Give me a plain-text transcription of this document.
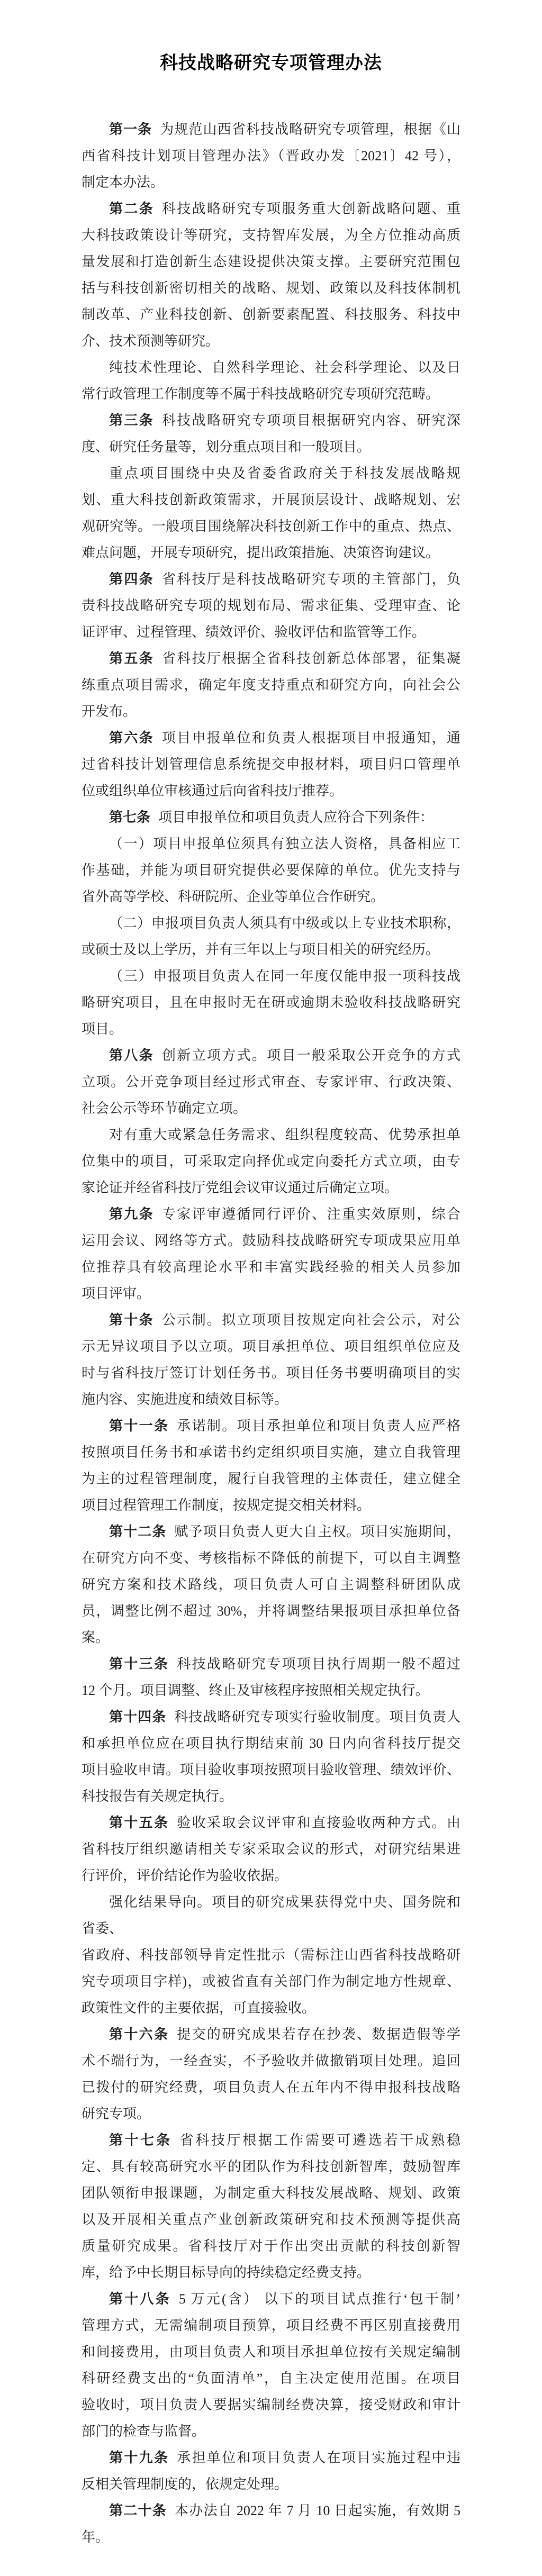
科技战略研究专项管理办法
第一条 为规范山西省科技战略研究专项管理，根据《山
西省科技计划项目管理办法》（晋政办发〔2021〕42 号），
制定本办法。
第二条 科技战略研究专项服务重大创新战略问题、重
大科技政策设计等研究，支持智库发展，为全方位推动高质
量发展和打造创新生态建设提供决策支撑。主要研究范围包
括与科技创新密切相关的战略、规划、政策以及科技体制机
制改革、产业科技创新、创新要素配置、科技服务、科技中
介、技术预测等研究。
纯技术性理论、自然科学理论、社会科学理论、以及日
常行政管理工作制度等不属于科技战略研究专项研究范畴。
第三条 科技战略研究专项项目根据研究内容、研究深
度、研究任务量等，划分重点项目和一般项目。
重点项目围绕中央及省委省政府关于科技发展战略规
划、重大科技创新政策需求，开展顶层设计、战略规划、宏
观研究等。一般项目围绕解决科技创新工作中的重点、热点、
难点问题，开展专项研究，提出政策措施、决策咨询建议。
第四条 省科技厅是科技战略研究专项的主管部门，负
责科技战略研究专项的规划布局、需求征集、受理审查、论
证评审、过程管理、绩效评价、验收评估和监管等工作。
第五条 省科技厅根据全省科技创新总体部署，征集凝
练重点项目需求，确定年度支持重点和研究方向，向社会公
开发布。
第六条 项目申报单位和负责人根据项目申报通知，通
过省科技计划管理信息系统提交申报材料，项目归口管理单
位或组织单位审核通过后向省科技厅推荐。
第七条 项目申报单位和项目负责人应符合下列条件：
（一）项目申报单位须具有独立法人资格，具备相应工
作基础，并能为项目研究提供必要保障的单位。优先支持与
省外高等学校、科研院所、企业等单位合作研究。
（二）申报项目负责人须具有中级或以上专业技术职称，
或硕士及以上学历，并有三年以上与项目相关的研究经历。
（三）申报项目负责人在同一年度仅能申报一项科技战
略研究项目，且在申报时无在研或逾期未验收科技战略研究
项目。
第八条 创新立项方式。项目一般采取公开竞争的方式
立项。公开竞争项目经过形式审查、专家评审、行政决策、
社会公示等环节确定立项。
对有重大或紧急任务需求、组织程度较高、优势承担单
位集中的项目，可采取定向择优或定向委托方式立项，由专
家论证并经省科技厅党组会议审议通过后确定立项。
第九条 专家评审遵循同行评价、注重实效原则，综合
运用会议、网络等方式。鼓励科技战略研究专项成果应用单
位推荐具有较高理论水平和丰富实践经验的相关人员参加
项目评审。
第十条 公示制。拟立项项目按规定向社会公示，对公
示无异议项目予以立项。项目承担单位、项目组织单位应及
时与省科技厅签订计划任务书。项目任务书要明确项目的实
施内容、实施进度和绩效目标等。
第十一条 承诺制。项目承担单位和项目负责人应严格
按照项目任务书和承诺书约定组织项目实施，建立自我管理
为主的过程管理制度，履行自我管理的主体责任，建立健全
项目过程管理工作制度，按规定提交相关材料。
第十二条 赋予项目负责人更大自主权。项目实施期间，
在研究方向不变、考核指标不降低的前提下，可以自主调整
研究方案和技术路线，项目负责人可自主调整科研团队成
员，调整比例不超过 30%，并将调整结果报项目承担单位备
案。
第十三条 科技战略研究专项项目执行周期一般不超过
12 个月。项目调整、终止及审核程序按照相关规定执行。
第十四条 科技战略研究专项实行验收制度。项目负责人
和承担单位应在项目执行期结束前 30 日内向省科技厅提交
项目验收申请。项目验收事项按照项目验收管理、绩效评价、
科技报告有关规定执行。
第十五条 验收采取会议评审和直接验收两种方式。由
省科技厅组织邀请相关专家采取会议的形式，对研究结果进
行评价，评价结论作为验收依据。
强化结果导向。项目的研究成果获得党中央、国务院和
省委、
省政府、科技部领导肯定性批示（需标注山西省科技战略研
究专项项目字样)，或被省直有关部门作为制定地方性规章、
政策性文件的主要依据，可直接验收。
第十六条 提交的研究成果若存在抄袭、数据造假等学
术不端行为，一经查实，不予验收并做撤销项目处理。追回
已拨付的研究经费，项目负责人在五年内不得申报科技战略
研究专项。
第十七条 省科技厅根据工作需要可遴选若干成熟稳
定、具有较高研究水平的团队作为科技创新智库，鼓励智库
团队领衔申报课题，为制定重大科技发展战略、规划、政策
以及开展相关重点产业创新政策研究和技术预测等提供高
质量研究成果。省科技厅对于作出突出贡献的科技创新智
库，给予中长期目标导向的持续稳定经费支持。
第十八条 5 万元(含） 以下的项目试点推行‘包干制’
管理方式，无需编制项目预算，项目经费不再区别直接费用
和间接费用，由项目负责人和项目承担单位按有关规定编制
科研经费支出的“负面清单”，自主决定使用范围。在项目
验收时，项目负责人要据实编制经费决算，接受财政和审计
部门的检查与监督。
第十九条 承担单位和项目负责人在项目实施过程中违
反相关管理制度的，依规定处理。
第二十条 本办法自 2022 年 7 月 10 日起实施，有效期 5
年。
